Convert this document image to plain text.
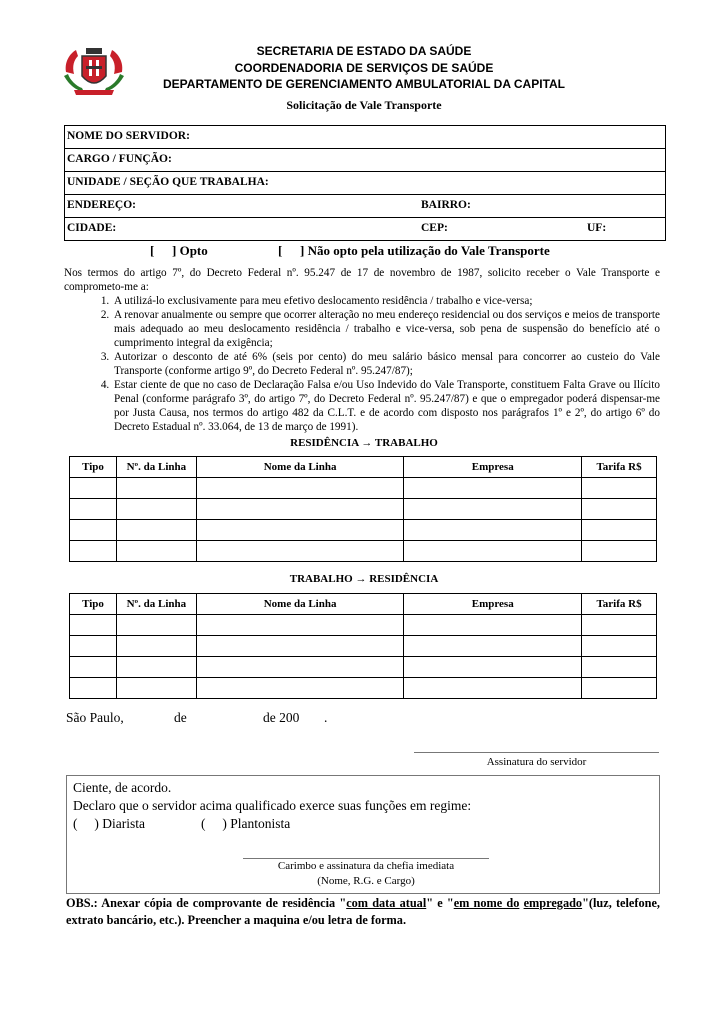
SECRETARIA DE ESTADO DA SAÚDE
COORDENADORIA DE SERVIÇOS DE SAÚDE
DEPARTAMENTO DE GERENCIAMENTO AMBULATORIAL DA CAPITAL
Solicitação de Vale Transporte
NOME DO SERVIDOR:
CARGO / FUNÇÃO:
UNIDADE / SEÇÃO QUE TRABALHA:
ENDEREÇO:	BAIRRO:
CIDADE:	CEP:	UF:
[ ] Opto	[ ] Não opto pela utilização do Vale Transporte
Nos termos do artigo 7º, do Decreto Federal nº. 95.247 de 17 de novembro de 1987, solicito receber o Vale Transporte e comprometo-me a:
1. A utilizá-lo exclusivamente para meu efetivo deslocamento residência / trabalho e vice-versa;
2. A renovar anualmente ou sempre que ocorrer alteração no meu endereço residencial ou dos serviços e meios de transporte mais adequado ao meu deslocamento residência / trabalho e vice-versa, sob pena de suspensão do benefício até o cumprimento integral da exigência;
3. Autorizar o desconto de até 6% (seis por cento) do meu salário básico mensal para concorrer ao custeio do Vale Transporte (conforme artigo 9º, do Decreto Federal nº. 95.247/87);
4. Estar ciente de que no caso de Declaração Falsa e/ou Uso Indevido do Vale Transporte, constituem Falta Grave ou Ilícito Penal (conforme parágrafo 3º, do artigo 7º, do Decreto Federal nº. 95.247/87) e que o empregador poderá dispensar-me por Justa Causa, nos termos do artigo 482 da C.L.T. e de acordo com disposto nos parágrafos 1º e 2º, do artigo 6º do Decreto Estadual nº. 33.064, de 13 de março de 1991).
RESIDÊNCIA → TRABALHO
Tipo	Nº. da Linha	Nome da Linha	Empresa	Tarifa R$

TRABALHO → RESIDÊNCIA
Tipo	Nº. da Linha	Nome da Linha	Empresa	Tarifa R$

São Paulo,	de	de 200 .
Assinatura do servidor
Ciente, de acordo.
Declaro que o servidor acima qualificado exerce suas funções em regime:
(     ) Diarista	(     ) Plantonista
Carimbo e assinatura da chefia imediata
(Nome, R.G. e Cargo)
OBS.: Anexar cópia de comprovante de residência "com data atual" e "em nome do empregado"(luz, telefone, extrato bancário, etc.). Preencher a maquina e/ou letra de forma.
